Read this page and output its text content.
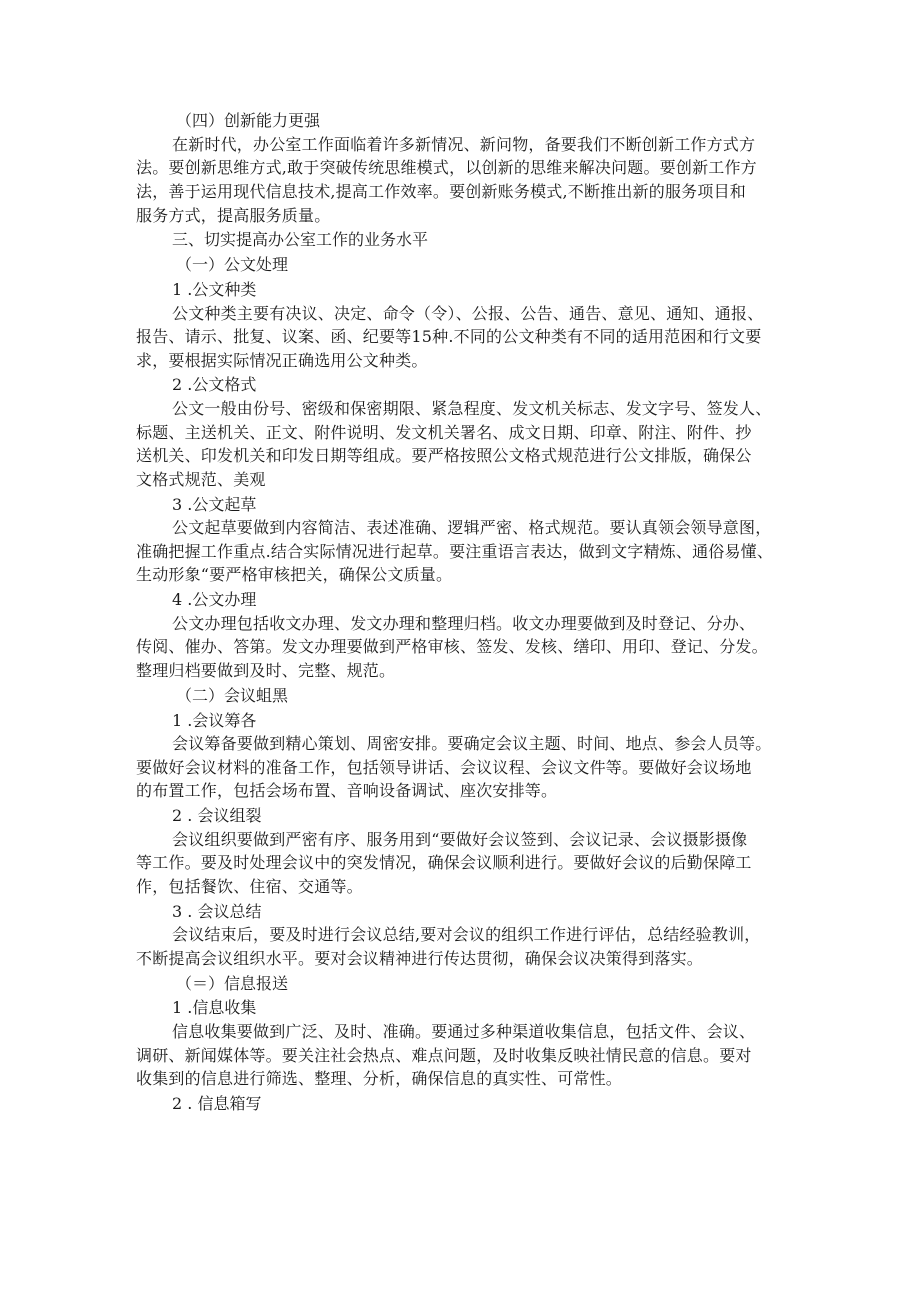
（四）创新能力更强
在新时代，办公室工作面临着许多新情况、新问物，备要我们不断创新工作方式方
法。要创新思维方式,敢于突破传统思维模式，以创新的思维来解决问题。要创新工作方
法，善于运用现代信息技术,提高工作效率。要创新账务模式,不断推出新的服务项目和
服务方式，提高服务质量。
三、切实提高办公室工作的业务水平
（一）公文处理
1 .公文种类
公文种类主要有决议、决定、命令（令）、公报、公告、通告、意见、通知、通报、
报告、请示、批复、议案、函、纪要等15种.不同的公文种类有不同的适用范困和行文要
求，要根据实际情况正确选用公文种类。
2 .公文格式
公文一般由份号、密级和保密期限、紧急程度、发文机关标志、发文字号、签发人、
标题、主送机关、正文、附件说明、发文机关署名、成文日期、印章、附注、附件、抄
送机关、印发机关和印发日期等组成。要严格按照公文格式规范进行公文排版，确保公
文格式规范、美观
3 .公文起草
公文起草要做到内容简洁、表述准确、逻辑严密、格式规范。要认真领会领导意图，
准确把握工作重点.结合实际情况进行起草。要注重语言表达，做到文字精炼、通俗易懂、
生动形象“要严格审核把关，确保公文质量。
4 .公文办理
公文办理包括收文办理、发文办理和整理归档。收文办理要做到及时登记、分办、
传阅、催办、答第。发文办理要做到严格审核、签发、发核、缮印、用印、登记、分发。
整理归档要做到及时、完整、规范。
（二）会议蛆黑
1 .会议筹各
会议筹备要做到精心策划、周密安排。要确定会议主题、时间、地点、参会人员等。
要做好会议材料的准备工作，包括领导讲话、会议议程、会议文件等。要做好会议场地
的布置工作，包括会场布置、音响设备调试、座次安排等。
2 . 会议组裂
会议组织要做到严密有序、服务用到“要做好会议签到、会议记录、会议摄影摄像
等工作。要及时处理会议中的突发情况，确保会议顺利进行。要做好会议的后勤保障工
作，包括餐饮、住宿、交通等。
3 . 会议总结
会议结束后，要及时进行会议总结,要对会议的组织工作进行评估，总结经验教训，
不断提高会议组织水平。要对会议精神进行传达贯彻，确保会议决策得到落实。
（＝）信息报送
1 .信息收集
信息收集要做到广泛、及时、准确。要通过多种渠道收集信息，包括文件、会议、
调研、新闻媒体等。要关注社会热点、难点问题，及时收集反映社情民意的信息。要对
收集到的信息进行筛选、整理、分析，确保信息的真实性、可常性。
2 . 信息箱写
